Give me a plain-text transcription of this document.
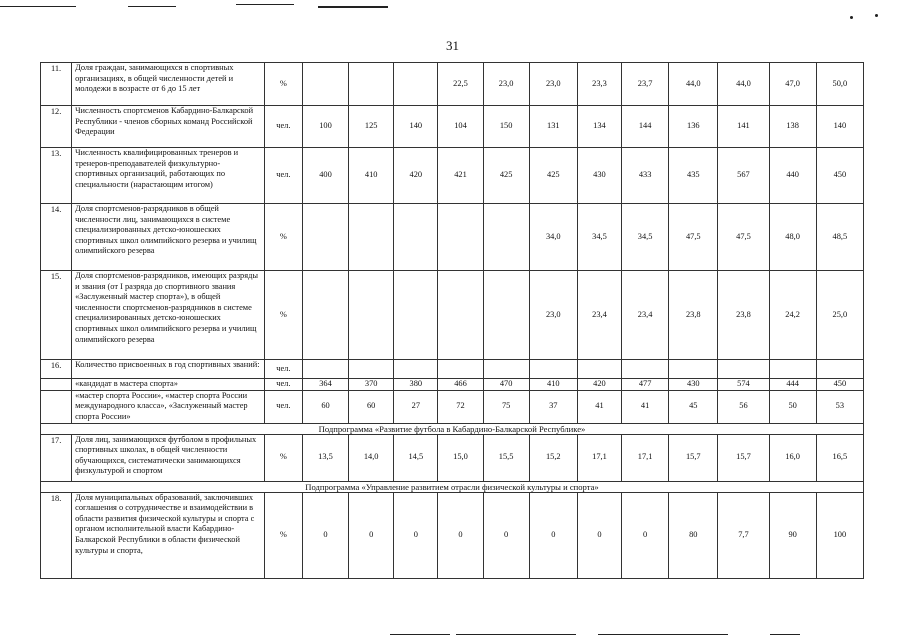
31
11.	Доля граждан, занимающихся в спортивных организациях, в общей численности детей и молодежи в возрасте от 6 до 15 лет	%				22,5	23,0	23,0	23,3	23,7	44,0	44,0	47,0	50,0
12.	Численность спортсменов Кабардино-Балкарской Республики - членов сборных команд Российской Федерации	чел.	100	125	140	104	150	131	134	144	136	141	138	140
13.	Численность квалифицированных тренеров и тренеров-преподавателей физкультурно-спортивных организаций, работающих по специальности (нарастающим итогом)	чел.	400	410	420	421	425	425	430	433	435	567	440	450
14.	Доля спортсменов-разрядников в общей численности лиц, занимающихся в системе специализированных детско-юношеских спортивных школ олимпийского резерва и училищ олимпийского резерва	%						34,0	34,5	34,5	47,5	47,5	48,0	48,5
15.	Доля спортсменов-разрядников, имеющих разряды и звания (от I разряда до спортивного звания «Заслуженный мастер спорта»), в общей численности спортсменов-разрядников в системе специализированных детско-юношеских спортивных школ олимпийского резерва и училищ олимпийского резерва	%						23,0	23,4	23,4	23,8	23,8	24,2	25,0
16.	Количество присвоенных в год спортивных званий:	чел.												
	«кандидат в мастера спорта»	чел.	364	370	380	466	470	410	420	477	430	574	444	450
	«мастер спорта России», «мастер спорта России международного класса», «Заслуженный мастер спорта России»	чел.	60	60	27	72	75	37	41	41	45	56	50	53
Подпрограмма «Развитие футбола в Кабардино-Балкарской Республике»														
17.	Доля лиц, занимающихся футболом в профильных спортивных школах, в общей численности обучающихся, систематически занимающихся физкультурой и спортом	%	13,5	14,0	14,5	15,0	15,5	15,2	17,1	17,1	15,7	15,7	16,0	16,5
Подпрограмма «Управление развитием отрасли физической культуры и спорта»														
18.	Доля муниципальных образований, заключивших соглашения о сотрудничестве и взаимодействии в области развития физической культуры и спорта с органом исполнительной власти Кабардино-Балкарской Республики в области физической культуры и спорта,	%	0	0	0	0	0	0	0	0	80	7,7	90	100
